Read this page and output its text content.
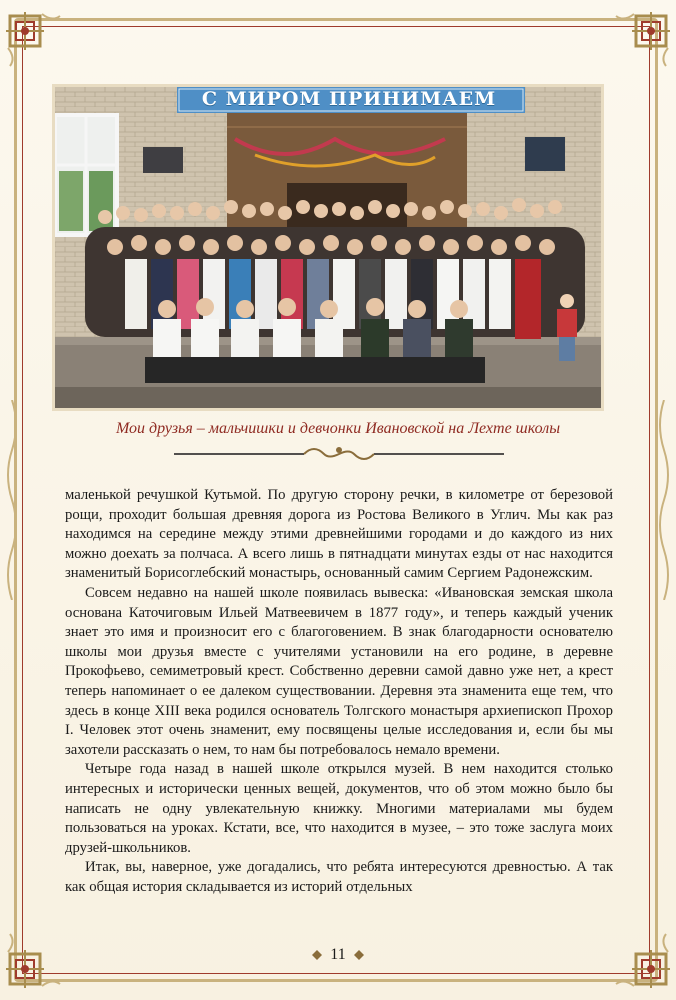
С МИРОМ ПРИНИМАЕМ
Мои друзья – мальчишки и девчонки Ивановской на Лехте школы

маленькой речушкой Кутьмой. По другую сторону речки, в километре от березовой рощи, проходит большая древняя дорога из Ростова Великого в Углич. Мы как раз находимся на середине между этими древнейшими городами и до каждого из них можно доехать за полчаса. А всего лишь в пятнадцати минутах езды от нас находится знаменитый Борисоглебский монастырь, основанный самим Сергием Радонежским.

Совсем недавно на нашей школе появилась вывеска: «Ивановская земская школа основана Каточиговым Ильей Матвеевичем в 1877 году», и теперь каждый ученик знает это имя и произносит его с благоговением. В знак благодарности основателю школы мои друзья вместе с учителями установили на его родине, в деревне Прокофьево, семиметровый крест. Собственно деревни самой давно уже нет, а крест теперь напоминает о ее далеком существовании. Деревня эта знаменита еще тем, что здесь в конце XIII века родился основатель Толгского монастыря архиепископ Прохор I. Человек этот очень знаменит, ему посвящены целые исследования и, если бы мы захотели рассказать о нем, то нам бы потребовалось немало времени.

Четыре года назад в нашей школе открылся музей. В нем находится столько интересных и исторически ценных вещей, документов, что об этом можно было бы написать не одну увлекательную книжку. Многими материалами мы будем пользоваться на уроках. Кстати, все, что находится в музее, – это тоже заслуга моих друзей-школьников.

Итак, вы, наверное, уже догадались, что ребята интересуются древностью. А так как общая история складывается из историй отдельных

11
